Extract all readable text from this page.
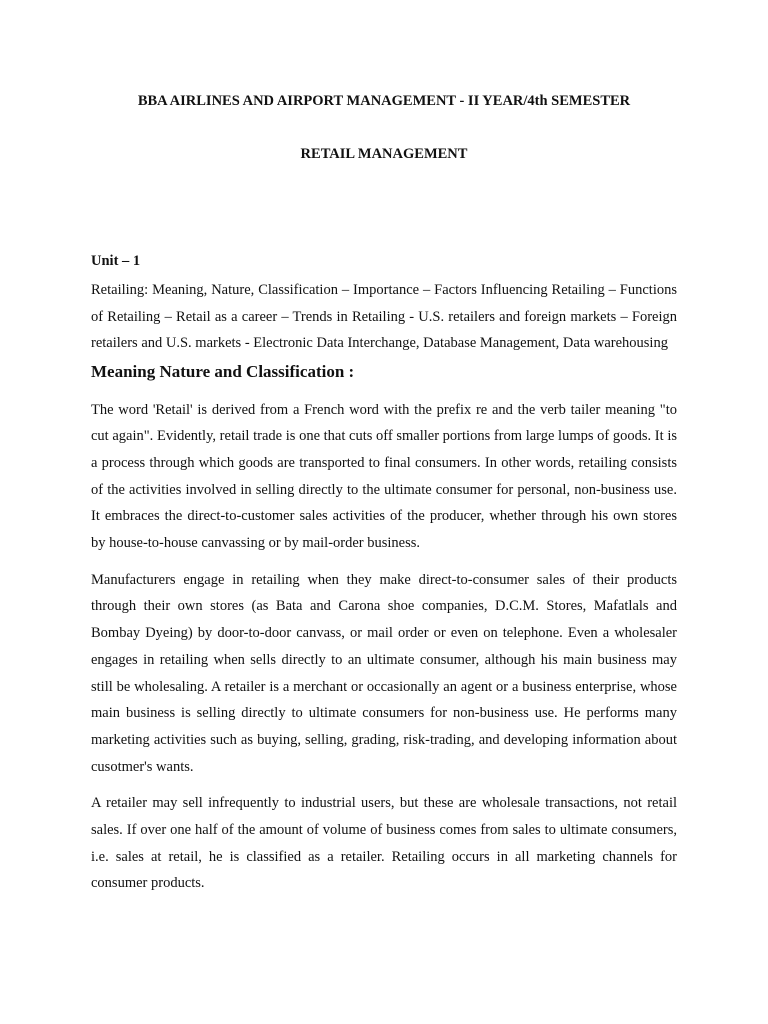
BBA AIRLINES AND AIRPORT MANAGEMENT - II YEAR/4th SEMESTER
RETAIL MANAGEMENT
Unit – 1

Retailing: Meaning, Nature, Classification – Importance – Factors Influencing Retailing – Functions of Retailing – Retail as a career – Trends in Retailing - U.S. retailers and foreign markets – Foreign retailers and U.S. markets - Electronic Data Interchange, Database Management, Data warehousing

Meaning Nature and Classification :

The word 'Retail' is derived from a French word with the prefix re and the verb tailer meaning "to cut again". Evidently, retail trade is one that cuts off smaller portions from large lumps of goods. It is a process through which goods are transported to final consumers. In other words, retailing consists of the activities involved in selling directly to the ultimate consumer for personal, non-business use. It embraces the direct-to-customer sales activities of the producer, whether through his own stores by house-to-house canvassing or by mail-order business.

Manufacturers engage in retailing when they make direct-to-consumer sales of their products through their own stores (as Bata and Carona shoe companies, D.C.M. Stores, Mafatlals and Bombay Dyeing) by door-to-door canvass, or mail order or even on telephone. Even a wholesaler engages in retailing when sells directly to an ultimate consumer, although his main business may still be wholesaling. A retailer is a merchant or occasionally an agent or a business enterprise, whose main business is selling directly to ultimate consumers for non-business use. He performs many marketing activities such as buying, selling, grading, risk-trading, and developing information about cusotmer's wants.

A retailer may sell infrequently to industrial users, but these are wholesale transactions, not retail sales. If over one half of the amount of volume of business comes from sales to ultimate consumers, i.e. sales at retail, he is classified as a retailer. Retailing occurs in all marketing channels for consumer products.
